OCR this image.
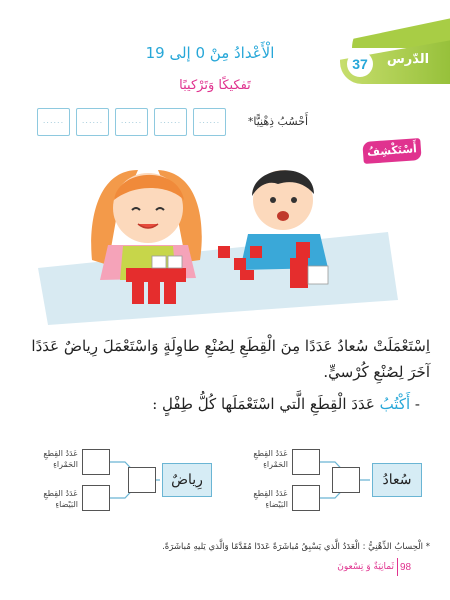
37	الدّرس
الْأَعْدادُ مِنْ 0 إلى 19
تَفكيكًا وَتَرْكيبًا
أَحْسُبُ ذِهْنِيًّا*
......
......
......
......
......
أَسْتَكْشِفُ
اِسْتَعْمَلَتْ سُعادُ عَدَدًا مِنَ الْقِطَعِ لِصُنْعِ طاوِلَةٍ وَاسْتَعْمَلَ رِياضٌ عَدَدًا آخَرَ لِصُنْعِ كُرْسيٍّ.
- أَكْتُبُ عَدَدَ الْقِطَعِ الَّتي اسْتَعْمَلَها كُلُّ طِفْلٍ :
سُعادُ
عَدَدُ القِطعِ الحَمْراءِ
عَدَدُ القِطعِ البَيْضاءِ
رِياضٌ
عَدَدُ القِطعِ الحَمْراءِ
عَدَدُ القِطعِ البَيْضاءِ
* الْحِسابُ الذِّهْنِيُّ : الْعَدَدُ الَّذي يَسْبِقُ مُباشَرَةً عَدَدًا مُقَدَّمًا وَالَّذي يَليهِ مُباشَرَةً.
98
ثَمانِيَةٌ وَ تِسْعونَ
